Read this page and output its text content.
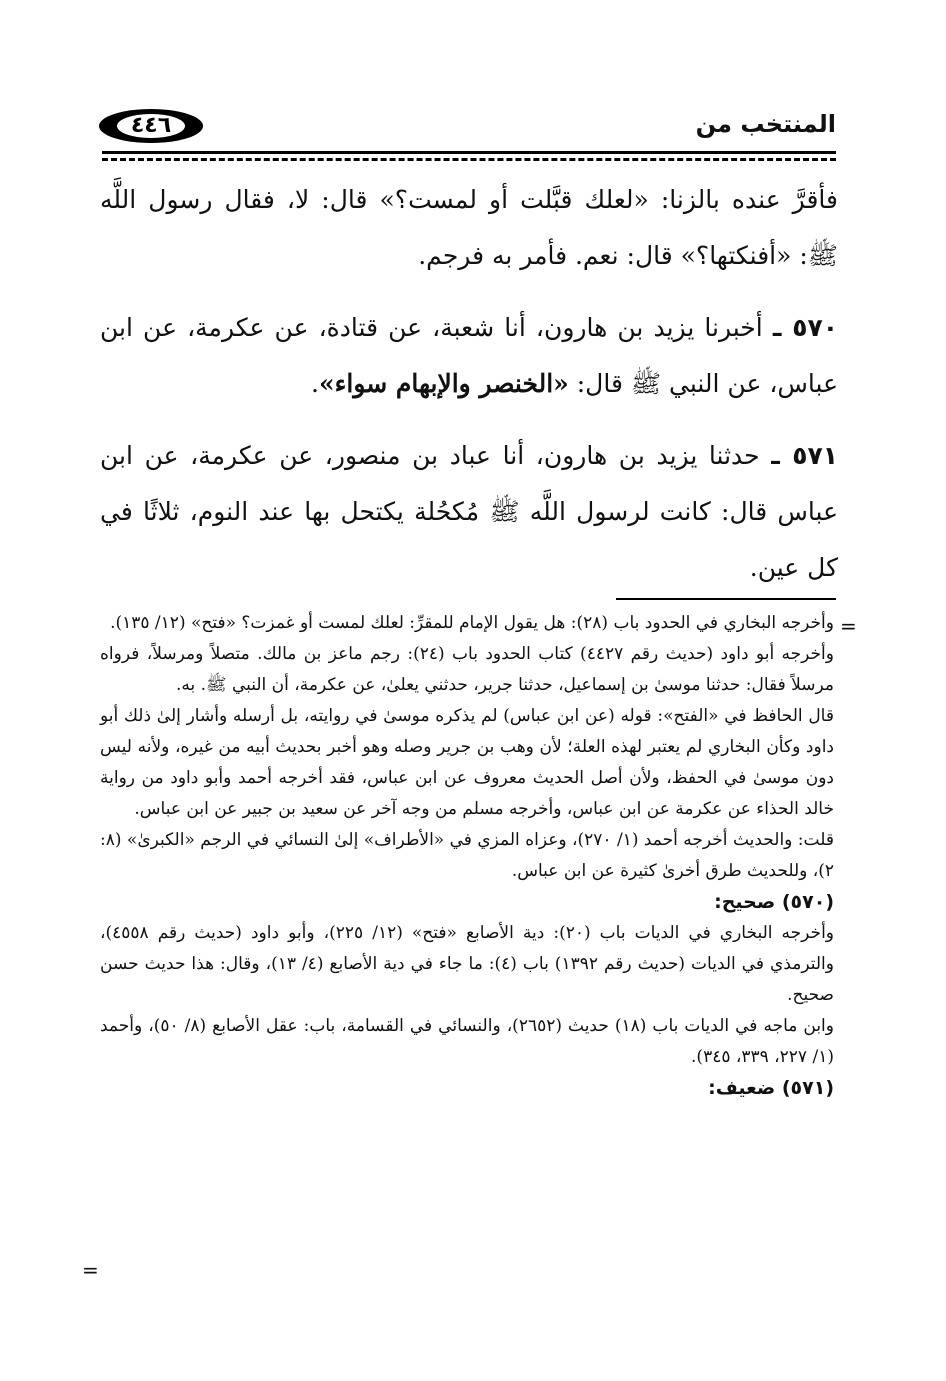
٤٤٦	المنتخب من

فأقرَّ عنده بالزنا: «لعلك قبَّلت أو لمست؟» قال: لا، فقال رسول اللَّه ﷺ: «أفنكتها؟» قال: نعم. فأمر به فرجم.

٥٧٠ ـ أخبرنا يزيد بن هارون، أنا شعبة، عن قتادة، عن عكرمة، عن ابن عباس، عن النبي ﷺ قال: «الخنصر والإبهام سواء».

٥٧١ ـ حدثنا يزيد بن هارون، أنا عباد بن منصور، عن عكرمة، عن ابن عباس قال: كانت لرسول اللَّه ﷺ مُكحُلة يكتحل بها عند النوم، ثلاثًا في كل عين.

=

وأخرجه البخاري في الحدود باب (٢٨): هل يقول الإمام للمقرِّ: لعلك لمست أو غمزت؟ «فتح» (١٢/ ١٣٥).

وأخرجه أبو داود (حديث رقم ٤٤٢٧) كتاب الحدود باب (٢٤): رجم ماعز بن مالك. متصلاً ومرسلاً، فرواه مرسلاً فقال: حدثنا موسىٰ بن إسماعيل، حدثنا جرير، حدثني يعلىٰ، عن عكرمة، أن النبي ﷺ. به.

قال الحافظ في «الفتح»: قوله (عن ابن عباس) لم يذكره موسىٰ في روايته، بل أرسله وأشار إلىٰ ذلك أبو داود وكأن البخاري لم يعتبر لهذه العلة؛ لأن وهب بن جرير وصله وهو أخبر بحديث أبيه من غيره، ولأنه ليس دون موسىٰ في الحفظ، ولأن أصل الحديث معروف عن ابن عباس، فقد أخرجه أحمد وأبو داود من رواية خالد الحذاء عن عكرمة عن ابن عباس، وأخرجه مسلم من وجه آخر عن سعيد بن جبير عن ابن عباس.

قلت: والحديث أخرجه أحمد (١/ ٢٧٠)، وعزاه المزي في «الأطراف» إلىٰ النسائي في الرجم «الكبرىٰ» (٨: ٢)، وللحديث طرق أخرىٰ كثيرة عن ابن عباس.

(٥٧٠) صحيح:

وأخرجه البخاري في الديات باب (٢٠): دية الأصابع «فتح» (١٢/ ٢٢٥)، وأبو داود (حديث رقم ٤٥٥٨)، والترمذي في الديات (حديث رقم ١٣٩٢) باب (٤): ما جاء في دية الأصابع (٤/ ١٣)، وقال: هذا حديث حسن صحيح.

وابن ماجه في الديات باب (١٨) حديث (٢٦٥٢)، والنسائي في القسامة، باب: عقل الأصابع (٨/ ٥٠)، وأحمد (١/ ٢٢٧، ٣٣٩، ٣٤٥).

(٥٧١) ضعيف:

=
